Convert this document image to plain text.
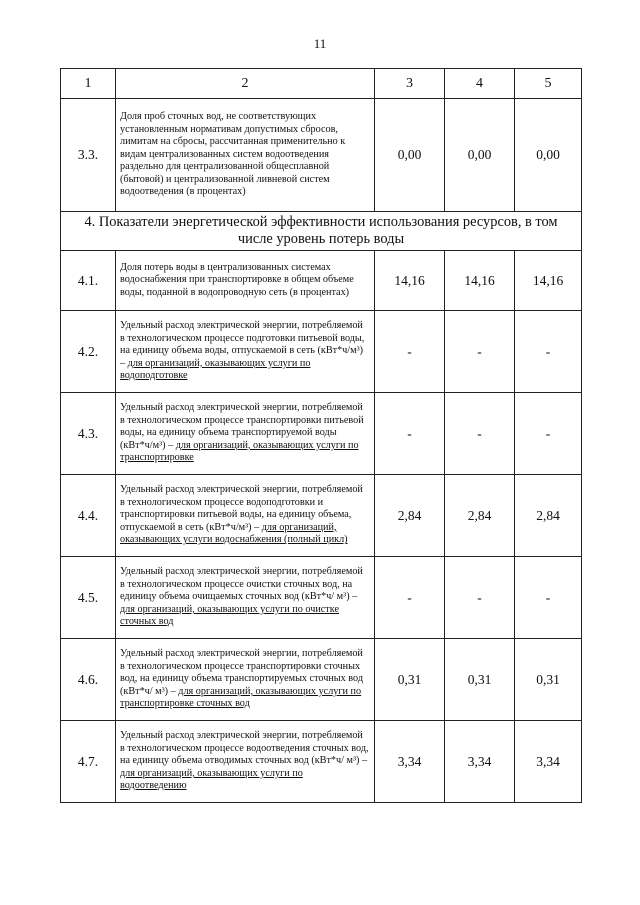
11
1	2	3	4	5
3.3.	Доля проб сточных вод, не соответствующих установленным нормативам допустимых сбросов, лимитам на сбросы, рассчитанная применительно к видам централизованных систем водоотведения раздельно для централизованной общесплавной (бытовой) и централизованной ливневой систем водоотведения (в процентах)	0,00	0,00	0,00
4. Показатели энергетической эффективности использования ресурсов, в том числе уровень потерь воды				
4.1.	Доля потерь воды в централизованных системах водоснабжения при транспортировке в общем объеме воды, поданной в водопроводную сеть (в процентах)	14,16	14,16	14,16
4.2.	Удельный расход электрической энергии, потребляемой в технологическом процессе подготовки питьевой воды, на единицу объема воды, отпускаемой в сеть (кВт*ч/м³) – для организаций, оказывающих услуги по водоподготовке	-	-	-
4.3.	Удельный расход электрической энергии, потребляемой в технологическом процессе транспортировки питьевой воды, на единицу объема транспортируемой воды (кВт*ч/м³) – для организаций, оказывающих услуги по транспортировке	-	-	-
4.4.	Удельный расход электрической энергии, потребляемой в технологическом процессе водоподготовки и транспортировки питьевой воды, на единицу объема, отпускаемой в сеть (кВт*ч/м³) – для организаций, оказывающих услуги водоснабжения (полный цикл)	2,84	2,84	2,84
4.5.	Удельный расход электрической энергии, потребляемой в технологическом процессе очистки сточных вод, на единицу объема очищаемых сточных вод (кВт*ч/ м³) – для организаций, оказывающих услуги по очистке сточных вод	-	-	-
4.6.	Удельный расход электрической энергии, потребляемой в технологическом процессе транспортировки сточных вод, на единицу объема транспортируемых сточных вод (кВт*ч/ м³) – для организаций, оказывающих услуги по транспортировке сточных вод	0,31	0,31	0,31
4.7.	Удельный расход электрической энергии, потребляемой в технологическом процессе водоотведения сточных вод, на единицу объема отводимых сточных вод (кВт*ч/ м³) – для организаций, оказывающих услуги по водоотведению	3,34	3,34	3,34
